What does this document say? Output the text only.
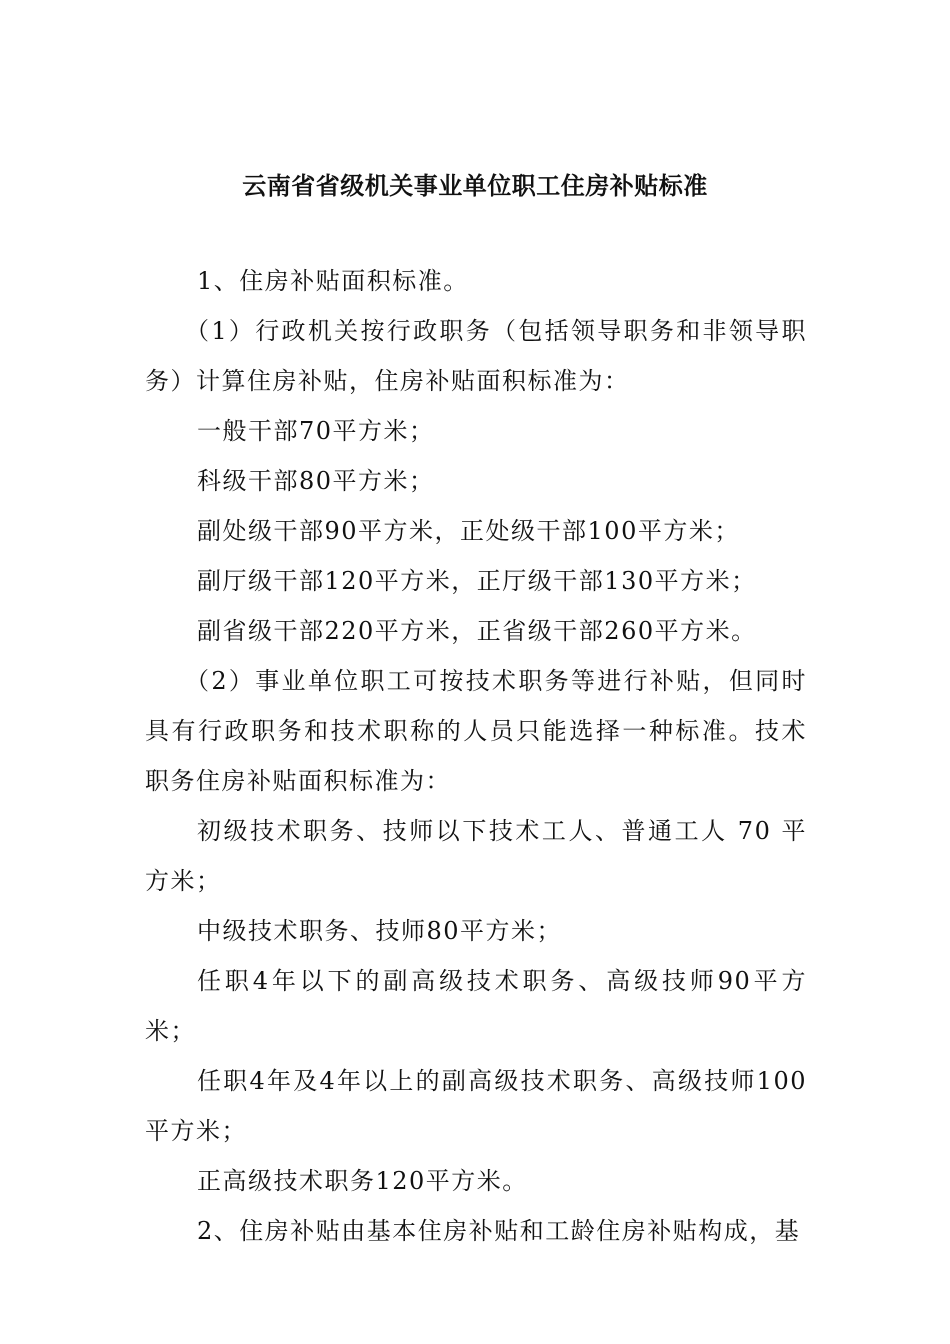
云南省省级机关事业单位职工住房补贴标准

1、住房补贴面积标准。

（1）行政机关按行政职务（包括领导职务和非领导职务）计算住房补贴，住房补贴面积标准为：

一般干部70平方米；

科级干部80平方米；

副处级干部90平方米，正处级干部100平方米；

副厅级干部120平方米，正厅级干部130平方米；

副省级干部220平方米，正省级干部260平方米。

（2）事业单位职工可按技术职务等进行补贴，但同时具有行政职务和技术职称的人员只能选择一种标准。技术职务住房补贴面积标准为：

初级技术职务、技师以下技术工人、普通工人 70 平方米；

中级技术职务、技师80平方米；

任职4年以下的副高级技术职务、高级技师90平方米；

任职4年及4年以上的副高级技术职务、高级技师100平方米；

正高级技术职务120平方米。

2、住房补贴由基本住房补贴和工龄住房补贴构成，基
